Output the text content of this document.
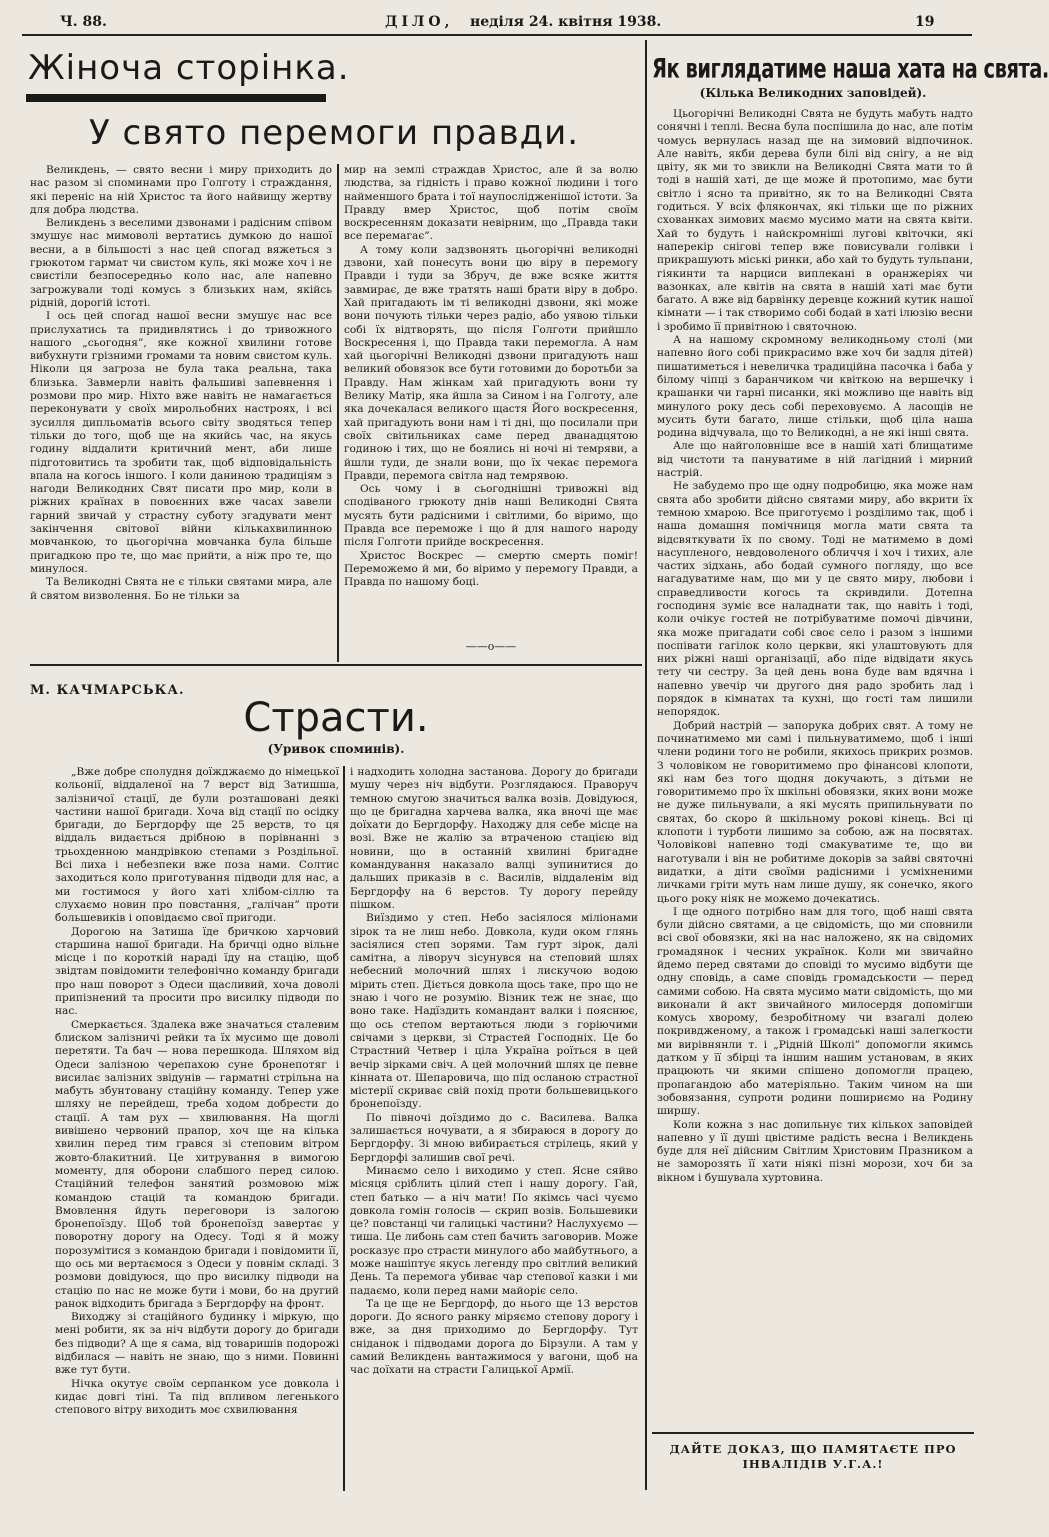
Ч. 88.	ДІЛО, неділя 24. квітня 1938.	19
Жіноча сторінка.
У свято перемоги правди.

Великдень, — свято весни і миру приходить до нас разом зі споминами про Голготу і страждання, які переніс на ній Христос та його найвищу жертву для добра людства.

Великдень з веселими дзвонами і радісним співом змушує нас мимоволі вертатись думкою до нашої весни, а в більшості з нас цей спогад вяжеться з грюкотом гармат чи свистом куль, які може хоч і не свистіли безпосередньо коло нас, але напевно загрожували тоді комусь з близьких нам, якійсь рідній, дорогій істоті.

І ось цей спогад нашої весни змушує нас все прислухатись та придивлятись і до тривожного нашого „сьогодня”, яке кожної хвилини готове вибухнути грізними громами та новим свистом куль. Ніколи ця загроза не була така реальна, така близька. Завмерли навіть фальшиві запевнення і розмови про мир. Ніхто вже навіть не намагається переконувати у своїх мирольобних настроях, і всі зусилля дипльоматів всього світу зводяться тепер тільки до того, щоб ще на якийсь час, на якусь годину віддалити критичний мент, аби лише підготовитись та зробити так, щоб відповідальність впала на когось іншого. І коли даниною традиціям з нагоди Великодних Свят писати про мир, коли в ріжних країнах в повоєнних вже часах завели гарний звичай у страстну суботу згадувати мент закінчення світової війни кількахвилинною мовчанкою, то цьогорічна мовчанка була більше пригадкою про те, що має прийти, а ніж про те, що минулося.

Та Великодні Свята не є тільки святами мира, але й святом визволення. Бо не тільки за

мир на землі страждав Христос, але й за волю людства, за гідність і право кожної людини і того найменшого брата і тої наупослідженішої істоти. За Правду вмер Христос, щоб потім своїм воскресенням доказати невірним, що „Правда таки все перемагає”.

А тому коли задзвонять цьогорічні великодні дзвони, хай понесуть вони цю віру в перемогу Правди і туди за Збруч, де вже всяке життя завмирає, де вже тратять наші брати віру в добро. Хай пригадають ім ті великодні дзвони, які може вони почують тільки через радіо, або уявою тільки собі їх відтворять, що після Голготи прийшло Воскресення і, що Правда таки перемогла. А нам хай цьогорічні Великодні дзвони пригадують наш великий обовязок все бути готовими до боротьби за Правду. Нам жінкам хай пригадують вони ту Велику Матір, яка йшла за Сином і на Голготу, але яка дочекалася великого щастя Його воскресення, хай пригадують вони нам і ті дні, що посилали при своїх світильниках саме перед дванадцятою годиною і тих, що не боялись ні ночі ні темряви, а йшли туди, де знали вони, що їх чекає перемога Правди, перемога світла над темрявою.

Ось чому і в сьогоднішні тривожні від сподіваного грюкоту днів наші Великодні Свята мусять бути радісними і світлими, бо віримо, що Правда все переможе і що й для нашого народу після Голготи прийде воскресення.

Христос Воскрес — смертю смерть поміг! Переможемо й ми, бо віримо у перемогу Правди, а Правда по нашому боці.

——o——
М. КАЧМАРСЬКА.
Страсти.
(Уривок споминів).

„Вже добре сполудня доїжджаємо до німецької кольонії, віддаленої на 7 верст від Затишша, залізничої стації, де були розташовані деякі частини нашої бригади. Хоча від стації по осідку бригади, до Бергдорфу ще 25 верств, то ця віддаль видається дрібною в порівнанні з трьохденною мандрівкою степами з Роздільної. Всі лиха і небезпеки вже поза нами. Солтис заходиться коло приготування підводи для нас, а ми гостимося у його хаті хлібом-сіллю та слухаємо новин про повстання, „галічан” проти большевиків і оповідаємо свої пригоди.

Дорогою на Затиша їде бричкою харчовий старшина нашої бригади. На бричці одно вільне місце і по короткій нараді їду на стацію, щоб звідтам повідомити телефонічно команду бригади про наш поворот з Одеси щасливий, хоча доволі припізнений та просити про висилку підводи по нас.

Смеркається. Здалека вже значаться сталевим блиском залізничі рейки та їх мусимо ще доволі перетяти. Та бач — нова перешкода. Шляхом від Одеси залізною черепахою суне бронепотяг і висилає залізних звідунів — гарматні стрільна на мабуть збунтовану стаційну команду. Тепер уже шляху не перейдеш, треба ходом добрести до стації. А там рух — хвилювання. На щоглі вивішено червоний прапор, хоч ще на кілька хвилин перед тим грався зі степовим вітром жовто-блакитний. Це хитрування в вимогою моменту, для оборони слабшого перед силою. Стаційний телефон занятий розмовою між командою стацій та командою бригади. Вмовлення йдуть переговори із залогою бронепоїзду. Щоб той бронепоїзд завертає у поворотну дорогу на Одесу. Тоді я й можу порозумітися з командою бригади і повідомити її, що ось ми вертаємося з Одеси у повнім складі. З розмови довідуюся, що про висилку підводи на стацію по нас не може бути і мови, бо на другий ранок відходить бригада з Бергдорфу на фронт.

Виходжу зі стаційного будинку і міркую, що мені робити, як за ніч відбути дорогу до бригади без підводи? А ще я сама, від товаришів подорожі відбилася — навіть не знаю, що з ними. Повинні вже тут бути.

Нічка окутує своїм серпанком усе довкола і кидає довгі тіні. Та під впливом легенького степового вітру виходить моє схвилювання

і надходить холодна застанова. Дорогу до бригади мушу через ніч відбути. Розглядаюся. Праворуч темною смугою значиться валка возів. Довідуюся, що це бригадна харчева валка, яка вночі ще має доїхати до Бергдорфу. Находжу для себе місце на возі. Вже не жалію за втраченою стацією від новини, що в останній хвилині бригадне командування наказало валці зупинитися до дальших приказів в с. Василів, віддаленім від Бергдорфу на 6 верстов. Ту дорогу перейду пішком.

Виїздимо у степ. Небо засіялося міліонами зірок та не лиш небо. Довкола, куди оком глянь засіялися степ зорями. Там гурт зірок, далі самітна, а ліворуч зісунувся на степовий шлях небесний молочний шлях і лискучою водою мірить степ. Діється довкола щось таке, про що не знаю і чого не розумію. Візник теж не знає, що воно таке. Надїздить командант валки і пояснює, що ось степом вертаються люди з горіючими свічами з церкви, зі Страстей Господніх. Це бо Страстний Четвер і ціла Україна роїться в цей вечір зірками свіч. А цей молочний шлях це певне кінната от. Шепаровича, що під осланою страстної містерії скриває свій похід проти большевицького бронепоїзду.

По півночі доїздимо до с. Василева. Валка залишається ночувати, а я збираюся в дорогу до Бергдорфу. Зі мною вибирається стрілець, який у Бергдорфі залишив свої речі.

Минаємо село і виходимо у степ. Ясне сяйво місяця сріблить цілий степ і нашу дорогу. Гай, степ батько — а ніч мати! По якімсь часі чуємо довкола гомін голосів — скрип возів. Большевики це? повстанці чи галицькі частини? Наслухуємо — тиша. Це либонь сам степ бачить заговорив. Може росказує про страсти минулого або майбутнього, а може нашіптує якусь легенду про світлий великий День. Та перемога убиває чар степової казки і ми падаємо, коли перед нами майоріє село.

Та це ще не Бергдорф, до нього ще 13 верстов дороги. До ясного ранку міряємо степову дорогу і вже, за дня приходимо до Бергдорфу. Тут сніданок і підводами дорога до Бірзули. А там у самий Великдень вантажимося у вагони, щоб на час доїхати на страсти Галицької Армії.

Як виглядатиме наша хата на свята.
(Кілька Великодних заповідей).

Цьогорічні Великодні Свята не будуть мабуть надто сонячні і теплі. Весна була поспішила до нас, але потім чомусь вернулась назад ще на зимовий відпочинок. Але навіть, якби дерева були білі від снігу, а не від цвіту, як ми то звикли на Великодні Свята мати то й тоді в нашій хаті, де ще може й протопимо, має бути світло і ясно та привітно, як то на Великодні Свята годиться. У всіх флякончах, які тільки ще по ріжних схованках зимових маємо мусимо мати на свята квіти. Хай то будуть і найскромніші лугові квіточки, які наперекір снігові тепер вже повисували голівки і прикрашують міські ринки, або хай то будуть тульпани, гіякинти та нарциси виплекані в оранжеріях чи вазонках, але квітів на свята в нашій хаті має бути багато. А вже від барвінку деревце кожний кутик нашої кімнати — і так створимо собі бодай в хаті ілюзію весни і зробимо її привітною і святочною.

А на нашому скромному великодньому столі (ми напевно його собі прикрасимо вже хоч би задля дітей) пишатиметься і невеличка традиційна пасочка і баба у білому чіпці з баранчиком чи квіткою на вершечку і крашанки чи гарні писанки, які можливо ще навіть від минулого року десь собі переховуємо. А ласощів не мусить бути багато, лише стільки, щоб ціла наша родина відчувала, що то Великодні, а не які інші свята.

Але що найголовніше все в нашій хаті блищатиме від чистоти та пануватиме в ній лагідний і мирний настрій.

Не забудемо про ще одну подробицю, яка може нам свята або зробити дійсно святами миру, або вкрити їх темною хмарою. Все приготуємо і розділимо так, щоб і наша домашня помічниця могла мати свята та відсвяткувати їх по свому. Тоді не матимемо в домі насупленого, невдоволеного обличчя і хоч і тихих, але частих зідхань, або бодай сумного погляду, що все нагадуватиме нам, що ми у це свято миру, любови і справедливости когось та скривдили. Дотепна господиня зуміє все наладнати так, що навіть і тоді, коли очікує гостей не потрібуватиме помочі дівчини, яка може пригадати собі своє село і разом з іншими поспівати гагілок коло церкви, які улаштовують для них ріжні наші організації, або піде відвідати якусь тету чи сестру. За цей день вона буде вам вдячна і напевно увечір чи другого дня радо зробить лад і порядок в кімнатах та кухні, що гості там лишили непорядок.

Добрий настрій — запорука добрих свят. А тому не починатимемо ми самі і пильнуватимемо, щоб і інші члени родини того не робили, якихось прикрих розмов. З чоловіком не говоритимемо про фінансові клопоти, які нам без того щодня докучають, з дітьми не говоритимемо про їх шкільні обовязки, яких вони може не дуже пильнували, а які мусять припильнувати по святах, бо скоро й шкільному рокові кінець. Всі ці клопоти і турботи лишимо за собою, аж на посвятах. Чоловікові напевно тоді смакуватиме те, що ви наготували і він не робитиме докорів за зайві святочні видатки, а діти своїми радісними і усміхненими личками гріти муть нам лише душу, як сонечко, якого цього року ніяк не можемо дочекатись.

І ще одного потрібно нам для того, щоб наші свята були дійсно святами, а це свідомість, що ми сповнили всі свої обовязки, які на нас наложено, як на свідомих громадянок і чесних українок. Коли ми звичайно йдемо перед святами до сповіді то мусимо відбути ще одну сповідь, а саме сповідь громадськости — перед самими собою. На свята мусимо мати свідомість, що ми виконали й акт звичайного милосердя допомігши комусь хворому, безробітному чи взагалі долею покривдженому, а також і громадські наші залегкости ми вирівнянли т. і „Рідній Школі” допомогли якимсь датком у її збірці та іншим нашим установам, в яких працюють чи якими спішено допомогли працею, пропагандою або матеріяльно. Таким чином на ши зобовязання, супроти родини пошириємо на Родину ширшу.

Коли кожна з нас допильнує тих кількох заповідей напевно у її душі цвістиме радість весна і Великдень буде для неї дійсним Світлим Христовим Празником а не заморозять її хати ніякі пізні морози, хоч би за вікном і бушувала хуртовина.

ДАЙТЕ ДОКАЗ, ЩО ПАМЯТАЄТЕ ПРО ІНВАЛІДІВ У.Г.А.!
